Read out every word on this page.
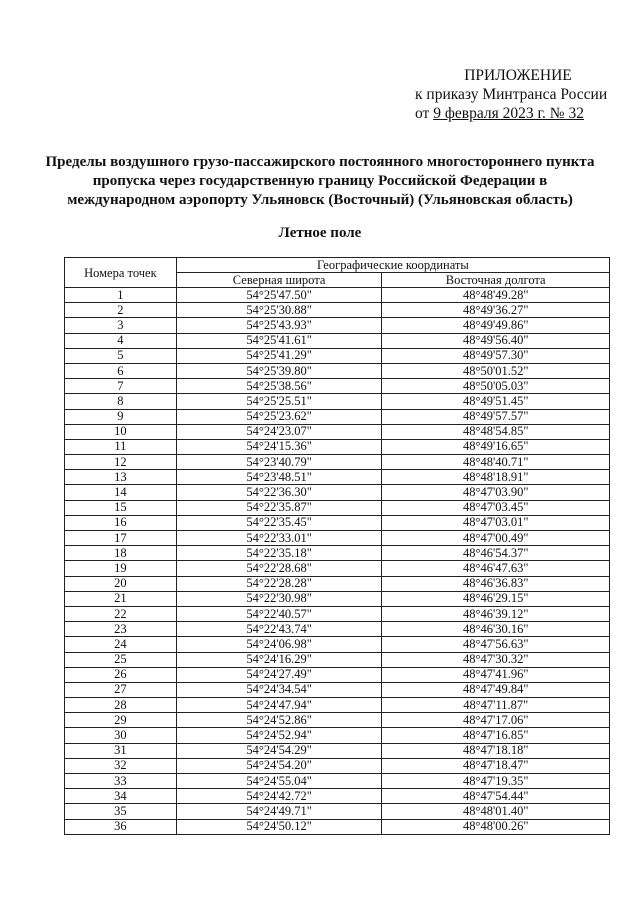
ПРИЛОЖЕНИЕ
к приказу Минтранса России
от 9 февраля 2023 г. № 32
Пределы воздушного грузо-пассажирского постоянного многостороннего пункта пропуска через государственную границу Российской Федерации в международном аэропорту Ульяновск (Восточный) (Ульяновская область)
Летное поле
Номера точек	Географические координаты	
	Северная широта	Восточная долгота
1	54°25'47.50"	48°48'49.28"
2	54°25'30.88"	48°49'36.27"
3	54°25'43.93"	48°49'49.86"
4	54°25'41.61"	48°49'56.40"
5	54°25'41.29"	48°49'57.30"
6	54°25'39.80"	48°50'01.52"
7	54°25'38.56"	48°50'05.03"
8	54°25'25.51"	48°49'51.45"
9	54°25'23.62"	48°49'57.57"
10	54°24'23.07"	48°48'54.85"
11	54°24'15.36"	48°49'16.65"
12	54°23'40.79"	48°48'40.71"
13	54°23'48.51"	48°48'18.91"
14	54°22'36.30"	48°47'03.90"
15	54°22'35.87"	48°47'03.45"
16	54°22'35.45"	48°47'03.01"
17	54°22'33.01"	48°47'00.49"
18	54°22'35.18"	48°46'54.37"
19	54°22'28.68"	48°46'47.63"
20	54°22'28.28"	48°46'36.83"
21	54°22'30.98"	48°46'29.15"
22	54°22'40.57"	48°46'39.12"
23	54°22'43.74"	48°46'30.16"
24	54°24'06.98"	48°47'56.63"
25	54°24'16.29"	48°47'30.32"
26	54°24'27.49"	48°47'41.96"
27	54°24'34.54"	48°47'49.84"
28	54°24'47.94"	48°47'11.87"
29	54°24'52.86"	48°47'17.06"
30	54°24'52.94"	48°47'16.85"
31	54°24'54.29"	48°47'18.18"
32	54°24'54.20"	48°47'18.47"
33	54°24'55.04"	48°47'19.35"
34	54°24'42.72"	48°47'54.44"
35	54°24'49.71"	48°48'01.40"
36	54°24'50.12"	48°48'00.26"
